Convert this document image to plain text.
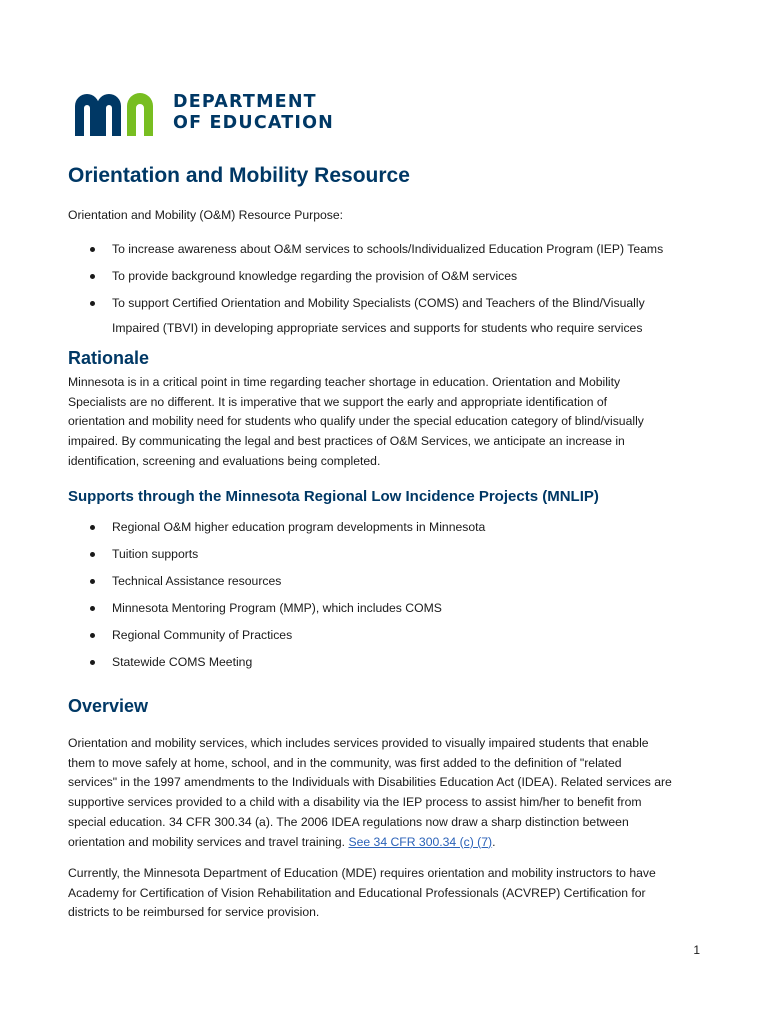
DEPARTMENT
OF EDUCATION
Orientation and Mobility Resource
Orientation and Mobility (O&M) Resource Purpose:
To increase awareness about O&M services to schools/Individualized Education Program (IEP) Teams
To provide background knowledge regarding the provision of O&M services
To support Certified Orientation and Mobility Specialists (COMS) and Teachers of the Blind/Visually
Impaired (TBVI) in developing appropriate services and supports for students who require services
Rationale
Minnesota is in a critical point in time regarding teacher shortage in education. Orientation and Mobility
Specialists are no different. It is imperative that we support the early and appropriate identification of
orientation and mobility need for students who qualify under the special education category of blind/visually
impaired. By communicating the legal and best practices of O&M Services, we anticipate an increase in
identification, screening and evaluations being completed.
Supports through the Minnesota Regional Low Incidence Projects (MNLIP)
Regional O&M higher education program developments in Minnesota
Tuition supports
Technical Assistance resources
Minnesota Mentoring Program (MMP), which includes COMS
Regional Community of Practices
Statewide COMS Meeting
Overview
Orientation and mobility services, which includes services provided to visually impaired students that enable
them to move safely at home, school, and in the community, was first added to the definition of "related
services" in the 1997 amendments to the Individuals with Disabilities Education Act (IDEA). Related services are
supportive services provided to a child with a disability via the IEP process to assist him/her to benefit from
special education. 34 CFR 300.34 (a). The 2006 IDEA regulations now draw a sharp distinction between
orientation and mobility services and travel training. See 34 CFR 300.34 (c) (7).
Currently, the Minnesota Department of Education (MDE) requires orientation and mobility instructors to have
Academy for Certification of Vision Rehabilitation and Educational Professionals (ACVREP) Certification for
districts to be reimbursed for service provision.
1
